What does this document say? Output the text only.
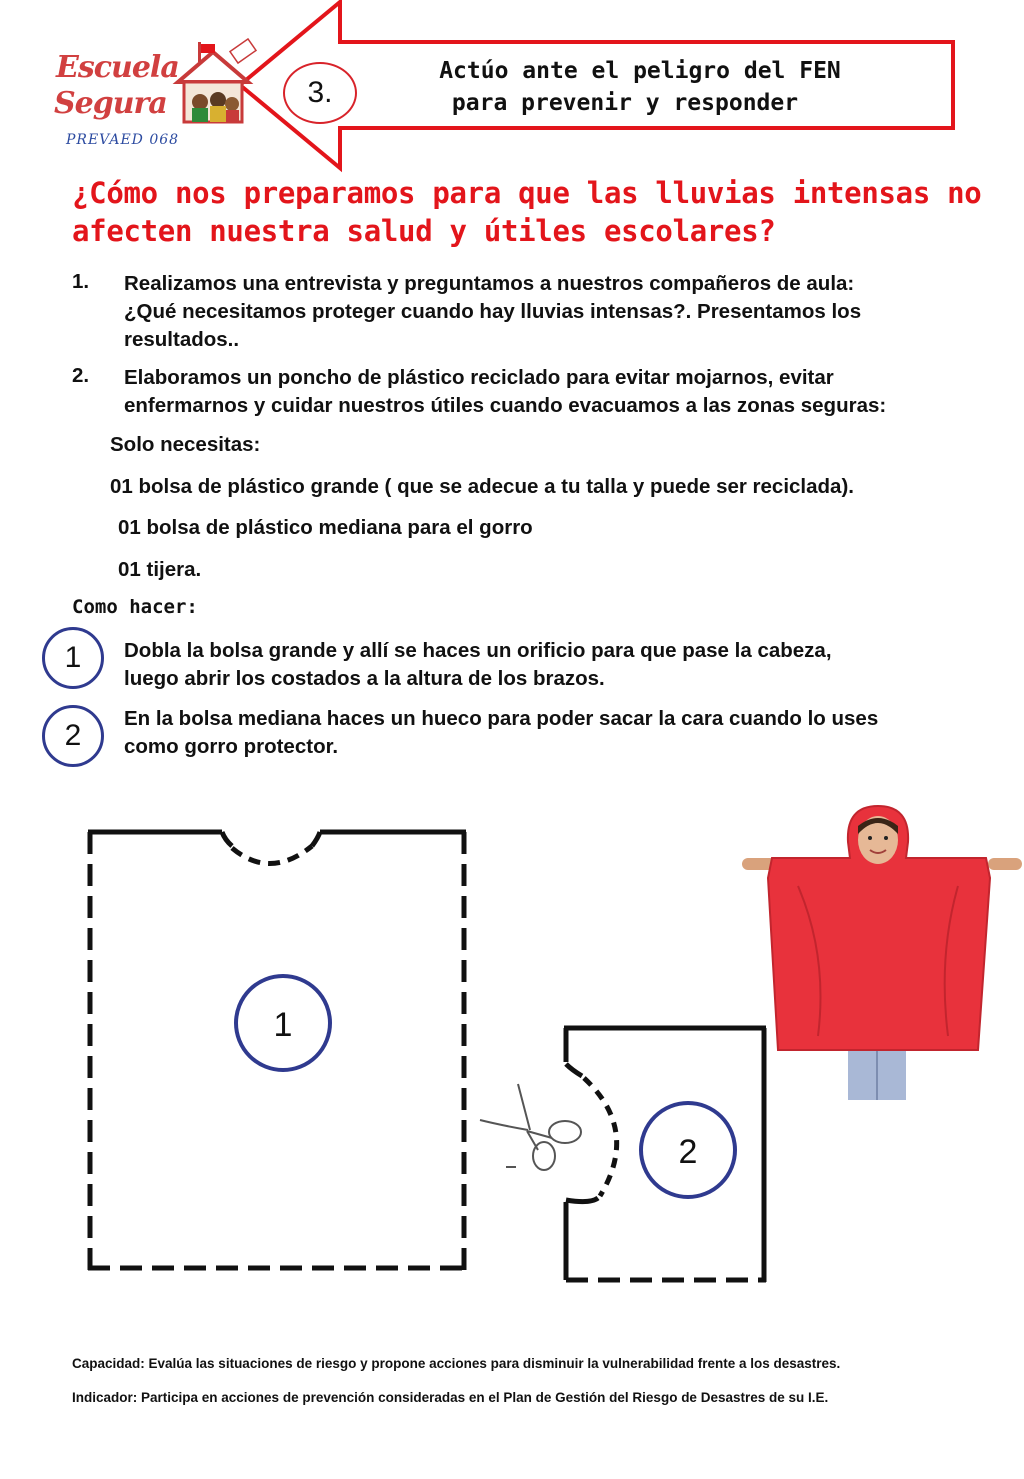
3.
Actúo ante el peligro del FEN
para prevenir y responder
Escuela
Segura
PREVAED 068
¿Cómo nos preparamos para que las lluvias intensas no afecten nuestra salud y útiles escolares?
1. Realizamos una entrevista y preguntamos a nuestros compañeros de aula:
¿Qué necesitamos proteger cuando hay lluvias intensas?. Presentamos los
resultados..
2. Elaboramos un poncho de plástico reciclado para evitar mojarnos, evitar
enfermarnos y cuidar nuestros útiles cuando evacuamos a las zonas seguras:
Solo necesitas:
01 bolsa de plástico grande ( que se adecue a tu talla y puede ser reciclada).
01 bolsa de plástico mediana para el gorro
01 tijera.
Como hacer:
1 Dobla la bolsa grande y allí se haces un orificio para que pase la cabeza,
luego abrir los costados a la altura de los brazos.
2
En la bolsa mediana haces un hueco para poder sacar la cara cuando lo uses
como gorro protector.
1
2
Capacidad: Evalúa las situaciones de riesgo y propone acciones para disminuir la vulnerabilidad frente a los desastres.
Indicador: Participa en acciones de prevención consideradas en el Plan de Gestión del Riesgo de Desastres de su I.E.
